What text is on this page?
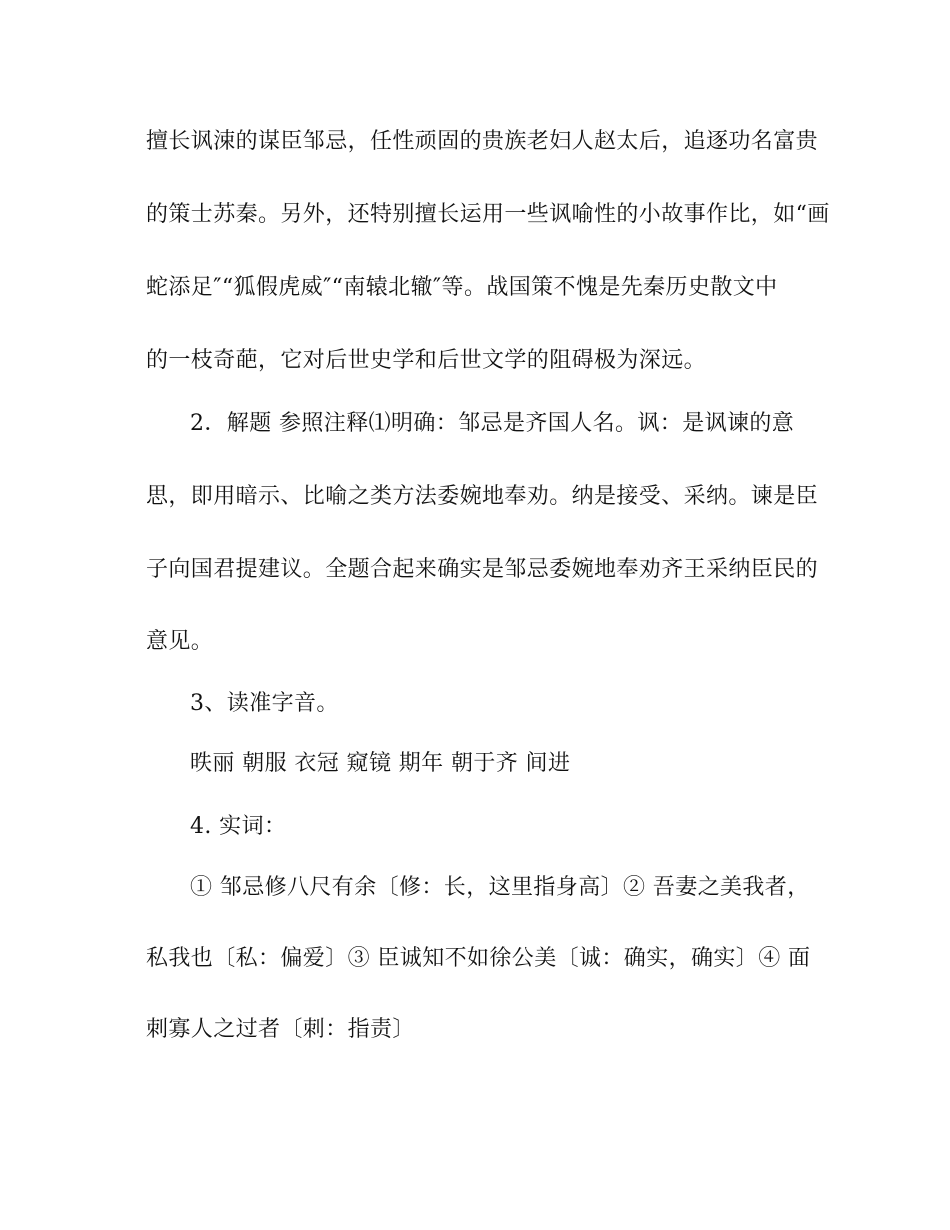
擅长讽涑的谋臣邹忌，任性顽固的贵族老妇人赵太后，追逐功名富贵
的策士苏秦。另外，还特别擅长运用一些讽喻性的小故事作比，如“画
蛇添足″“狐假虎威″“南辕北辙″等。战国策不愧是先秦历史散文中
的一枝奇葩，它对后世史学和后世文学的阻碍极为深远。
2．解题 参照注释⑴明确：邹忌是齐国人名。讽：是讽谏的意
思，即用暗示、比喻之类方法委婉地奉劝。纳是接受、采纳。谏是臣
子向国君提建议。全题合起来确实是邹忌委婉地奉劝齐王采纳臣民的
意见。
3、读准字音。
昳丽 朝服 衣冠 窥镜 期年 朝于齐 间进
4. 实词：
① 邹忌修八尺有余〔修：长，这里指身高〕② 吾妻之美我者，
私我也〔私：偏爱〕③ 臣诚知不如徐公美〔诚：确实，确实〕④ 面
刺寡人之过者〔刺：指责〕
